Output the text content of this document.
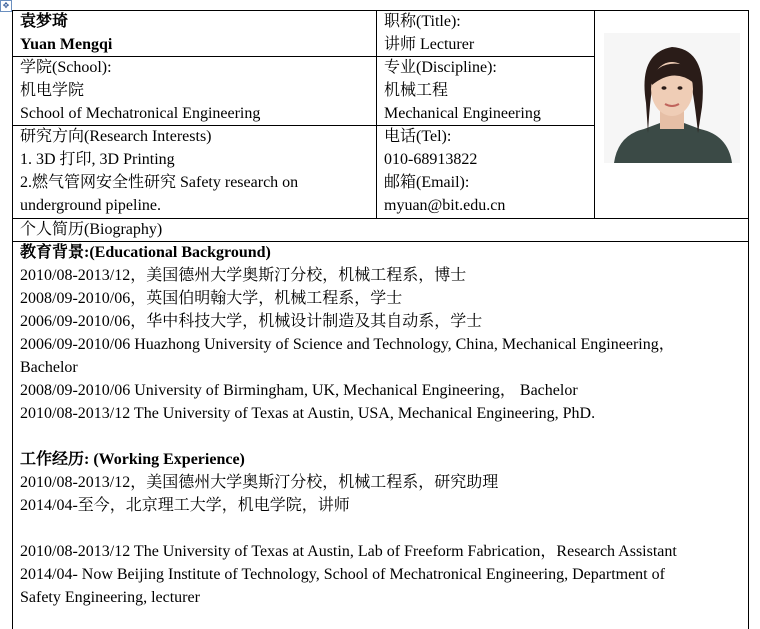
✥
袁梦琦
Yuan Mengqi
职称(Title):
讲师 Lecturer
学院(School):
机电学院
School of Mechatronical Engineering
专业(Discipline):
机械工程
Mechanical Engineering
研究方向(Research Interests)
1. 3D 打印, 3D Printing
2.燃气管网安全性研究 Safety research on
underground pipeline.
电话(Tel):
010-68913822
邮箱(Email):
myuan@bit.edu.cn
个人简历(Biography)
教育背景:(Educational Background)
2010/08-2013/12，美国德州大学奥斯汀分校，机械工程系，博士
2008/09-2010/06，英国伯明翰大学，机械工程系，学士
2006/09-2010/06，华中科技大学，机械设计制造及其自动系，学士
2006/09-2010/06 Huazhong University of Science and Technology, China, Mechanical Engineering，
Bachelor
2008/09-2010/06 University of Birmingham, UK, Mechanical Engineering， Bachelor
2010/08-2013/12 The University of Texas at Austin, USA, Mechanical Engineering, PhD.
工作经历: (Working Experience)
2010/08-2013/12，美国德州大学奥斯汀分校，机械工程系，研究助理
2014/04-至今，北京理工大学，机电学院，讲师
2010/08-2013/12 The University of Texas at Austin, Lab of Freeform Fabrication，Research Assistant
2014/04- Now Beijing Institute of Technology, School of Mechatronical Engineering, Department of
Safety Engineering, lecturer
